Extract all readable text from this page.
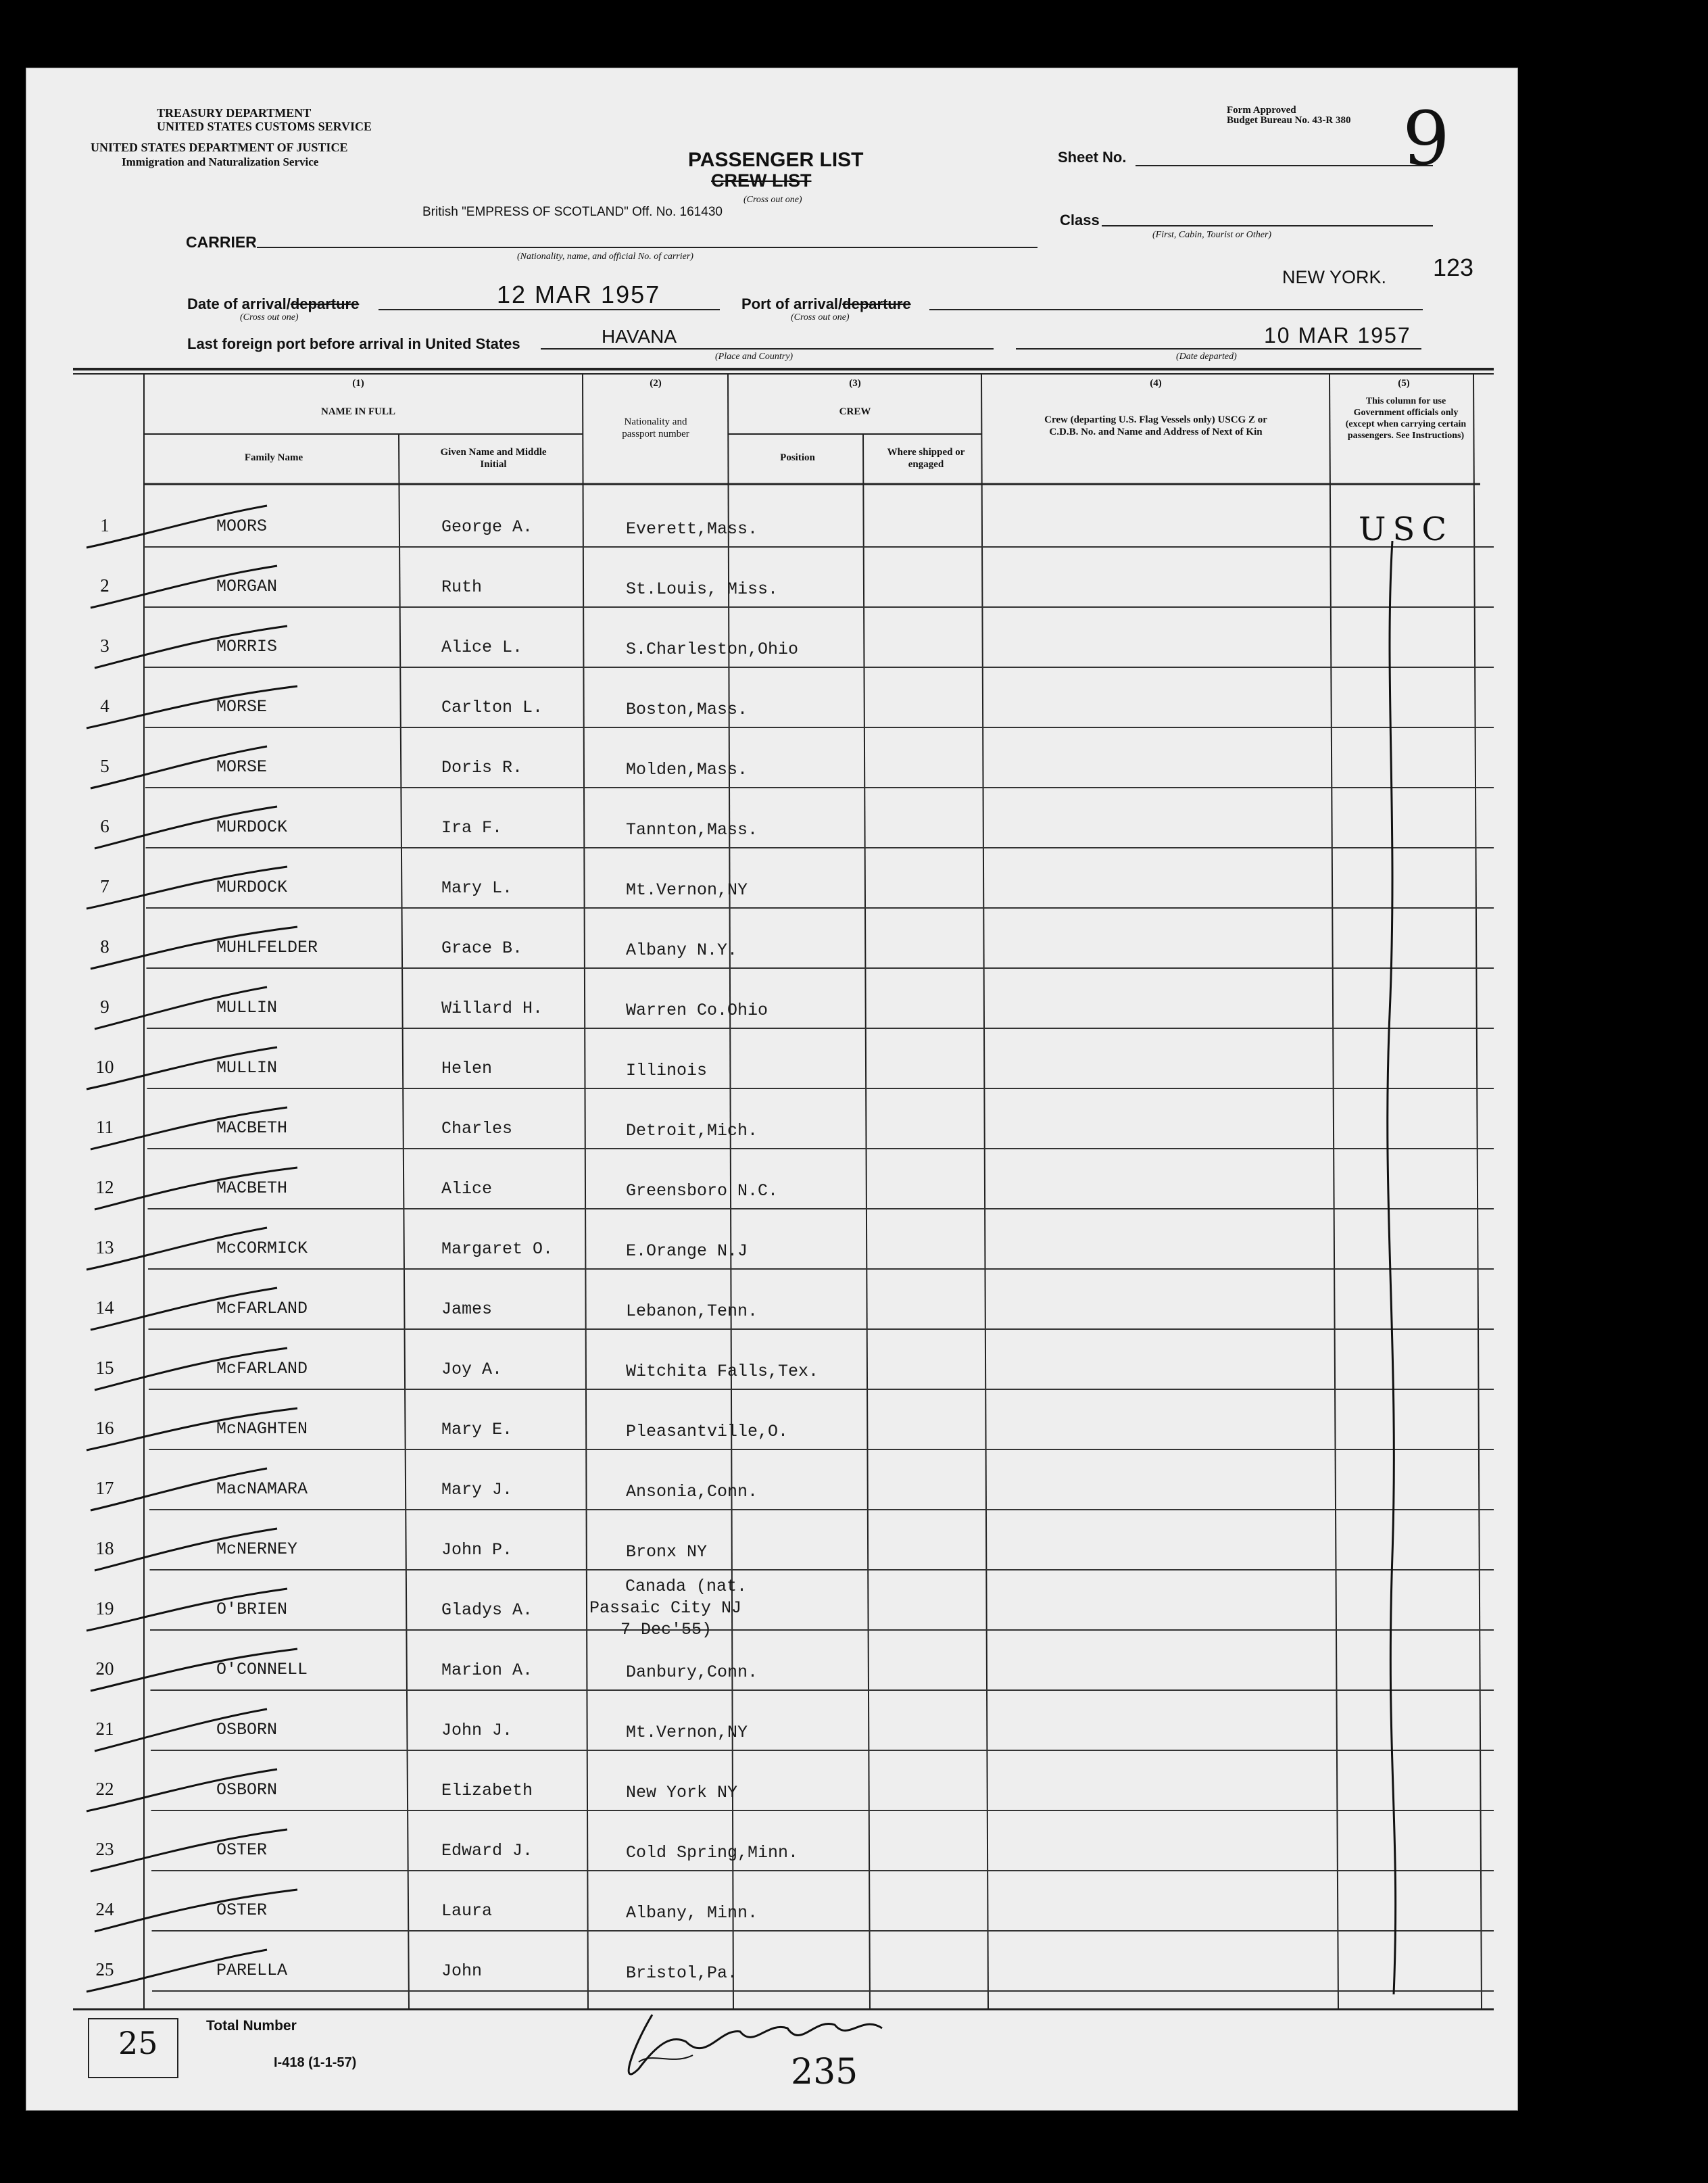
TREASURY DEPARTMENT
UNITED STATES CUSTOMS SERVICE
UNITED STATES DEPARTMENT OF JUSTICE
Immigration and Naturalization Service
Form Approved
Budget Bureau No. 43-R 380
PASSENGER LIST
CREW LIST
(Cross out one)
Sheet No.	9
British "EMPRESS OF SCOTLAND" Off. No. 161430
CARRIER
(Nationality, name, and official No. of carrier)
Class
(First, Cabin, Tourist or Other)
123
Date of arrival/departure	12 MAR 1957
(Cross out one)
Port of arrival/departure
NEW YORK.
(Cross out one)
Last foreign port before arrival in United States	HAVANA
(Place and Country)
10 MAR 1957
(Date departed)
(1)
NAME IN FULL
Family Name	Given Name and Middle Initial
(2)
Nationality and passport number
(3)
CREW
Position	Where shipped or engaged
(4)
Crew (departing U.S. Flag Vessels only) USCG Z or C.D.B. No. and Name and Address of Next of Kin
(5)
This column for use Government officials only (except when carrying certain passengers. See Instructions)
USC
1	MOORS	George A.	Everett,Mass.
2	MORGAN	Ruth	St.Louis, Miss.
3	MORRIS	Alice L.	S.Charleston,Ohio
4	MORSE	Carlton L.	Boston,Mass.
5	MORSE	Doris R.	Molden,Mass.
6	MURDOCK	Ira F.	Tannton,Mass.
7	MURDOCK	Mary L.	Mt.Vernon,NY
8	MUHLFELDER	Grace B.	Albany N.Y.
9	MULLIN	Willard H.	Warren Co.Ohio
10	MULLIN	Helen	Illinois
11	MACBETH	Charles	Detroit,Mich.
12	MACBETH	Alice	Greensboro N.C.
13	McCORMICK	Margaret O.	E.Orange N.J
14	McFARLAND	James	Lebanon,Tenn.
15	McFARLAND	Joy A.	Witchita Falls,Tex.
16	McNAGHTEN	Mary E.	Pleasantville,O.
17	MacNAMARA	Mary J.	Ansonia,Conn.
18	McNERNEY	John P.	Bronx NY
19	O'BRIEN	Gladys A.
Canada (nat.
Passaic City NJ
7 Dec'55)
20	O'CONNELL	Marion A.	Danbury,Conn.
21	OSBORN	John J.	Mt.Vernon,NY
22	OSBORN	Elizabeth	New York NY
23	OSTER	Edward J.	Cold Spring,Minn.
24	OSTER	Laura	Albany, Minn.
25	PARELLA	John	Bristol,Pa.
25	Total Number
I-418 (1-1-57)	235
